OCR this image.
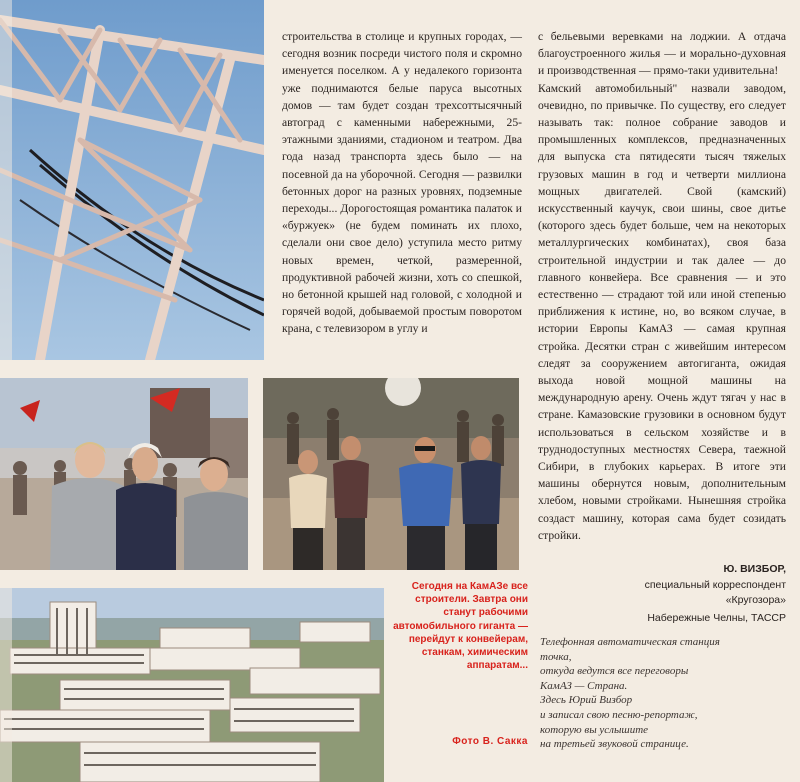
строительства в столице и крупных городах, — сегодня возник посреди чистого поля и скромно именуется поселком. А у недалекого горизонта уже поднимаются белые паруса высотных домов — там будет создан трехсоттысячный автоград с каменными набережными, 25-этажными зданиями, стадионом и театром. Два года назад транспорта здесь было — на посевной да на уборочной. Сегодня — развилки бетонных дорог на разных уровнях, подземные переходы... Дорогостоящая романтика палаток и «буржуек» (не будем поминать их плохо, сделали они свое дело) уступила место ритму новых времен, четкой, размеренной, продуктивной рабочей жизни, хоть со спешкой, но бетонной крышей над головой, с холодной и горячей водой, добываемой простым поворотом крана, с телевизором в углу и

с бельевыми веревками на лоджии. А отдача благоустроенного жилья — и морально-духовная и производственная — прямо-таки удивительна!

Камский автомобильный" назвали заводом, очевидно, по привычке. По существу, его следует называть так: полное собрание заводов и промышленных комплексов, предназначенных для выпуска ста пятидесяти тысяч тяжелых грузовых машин в год и четверти миллиона мощных двигателей. Свой (камский) искусственный каучук, свои шины, свое дитье (которого здесь будет больше, чем на некоторых металлургических комбинатах), своя база строительной индустрии и так далее — до главного конвейера. Все сравнения — и это естественно — страдают той или иной степенью приближения к истине, но, во всяком случае, в истории Европы КамАЗ — самая крупная стройка. Десятки стран с живейшим интересом следят за сооружением автогиганта, ожидая выхода новой мощной машины на международную арену. Очень ждут тягач у нас в стране. Камазовские грузовики в основном будут использоваться в сельском хозяйстве и в труднодоступных местностях Севера, таежной Сибири, в глубоких карьерах. В итоге эти машины обернутся новым, дополнительным хлебом, новыми стройками. Нынешняя стройка создаст машину, которая сама будет созидать стройки.

Ю. ВИЗБОР,
специальный корреспондент
«Кругозора»
Набережные Челны, ТАССР
Сегодня на КамАЗе все строители. Завтра они станут рабочими автомобильного гиганта — перейдут к конвейерам, станкам, химическим аппаратам...
Фото В. Сакка
Телефонная автоматическая станция
точка,
откуда ведутся все переговоры
КамАЗ — Страна.
Здесь Юрий Визбор
и записал свою песню-репортаж,
которую вы услышите
на третьей звуковой странице.
